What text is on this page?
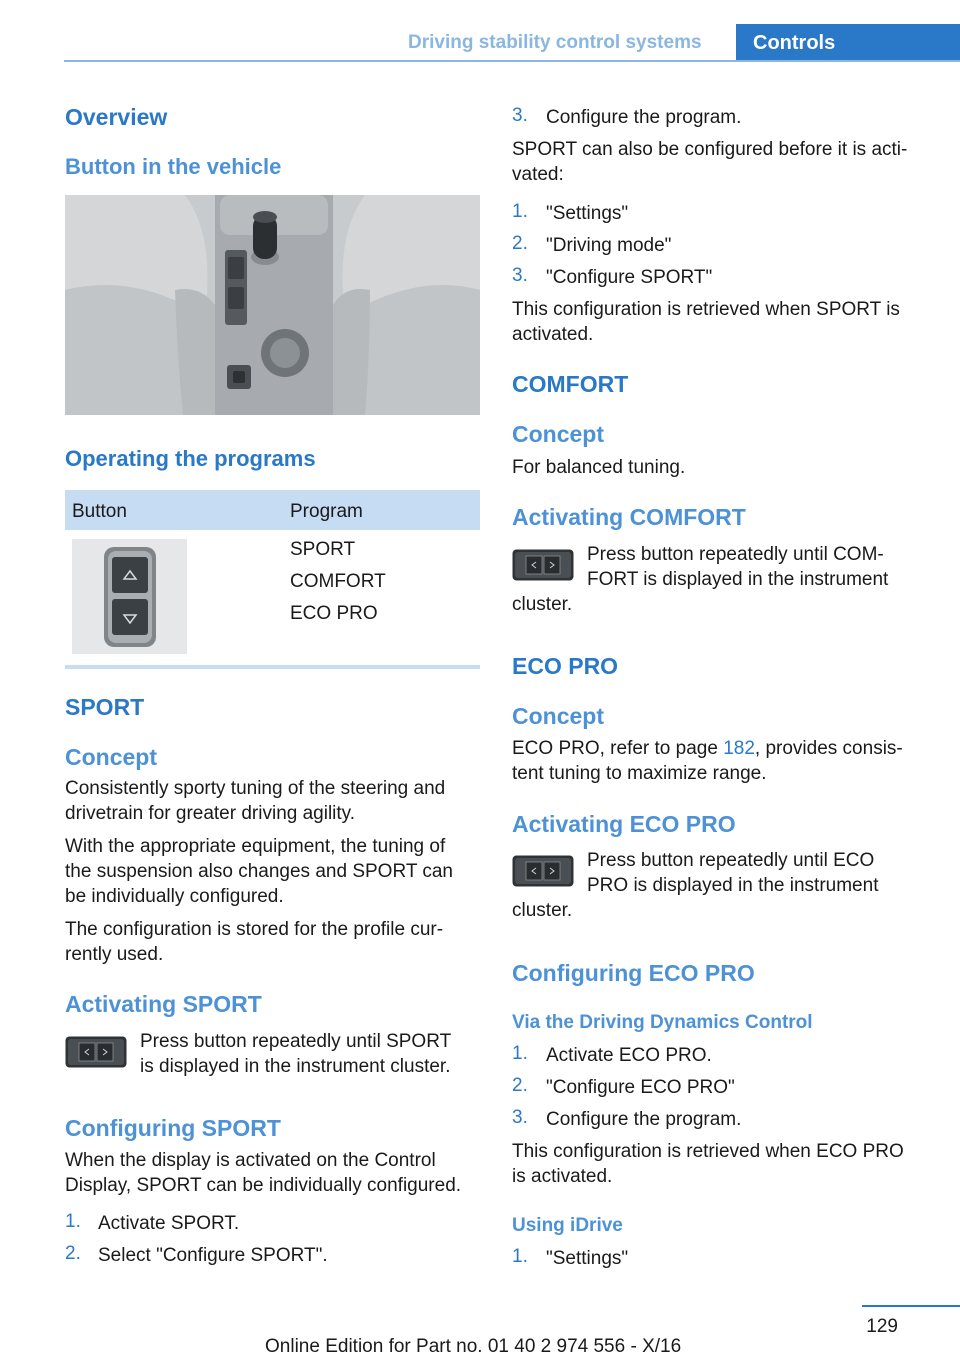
Driving stability control systems	Controls
Overview
Button in the vehicle
Operating the programs
Button	Program
SPORT
COMFORT
ECO PRO
SPORT
Concept
Consistently sporty tuning of the steering and
drivetrain for greater driving agility.
With the appropriate equipment, the tuning of
the suspension also changes and SPORT can
be individually configured.
The configuration is stored for the profile cur‐
rently used.
Activating SPORT
Press button repeatedly until SPORT
is displayed in the instrument cluster.
Configuring SPORT
When the display is activated on the Control
Display, SPORT can be individually configured.
1. Activate SPORT.
2. Select "Configure SPORT".
3. Configure the program.
SPORT can also be configured before it is acti‐
vated:
1. "Settings"
2. "Driving mode"
3. "Configure SPORT"
This configuration is retrieved when SPORT is
activated.
COMFORT
Concept
For balanced tuning.
Activating COMFORT
Press button repeatedly until COM‐
FORT is displayed in the instrument
cluster.
ECO PRO
Concept
ECO PRO, refer to page 182, provides consis‐
tent tuning to maximize range.
Activating ECO PRO
Press button repeatedly until ECO
PRO is displayed in the instrument
cluster.
Configuring ECO PRO
Via the Driving Dynamics Control
1. Activate ECO PRO.
2. "Configure ECO PRO"
3. Configure the program.
This configuration is retrieved when ECO PRO
is activated.
Using iDrive
1. "Settings"
129
Online Edition for Part no. 01 40 2 974 556 - X/16
